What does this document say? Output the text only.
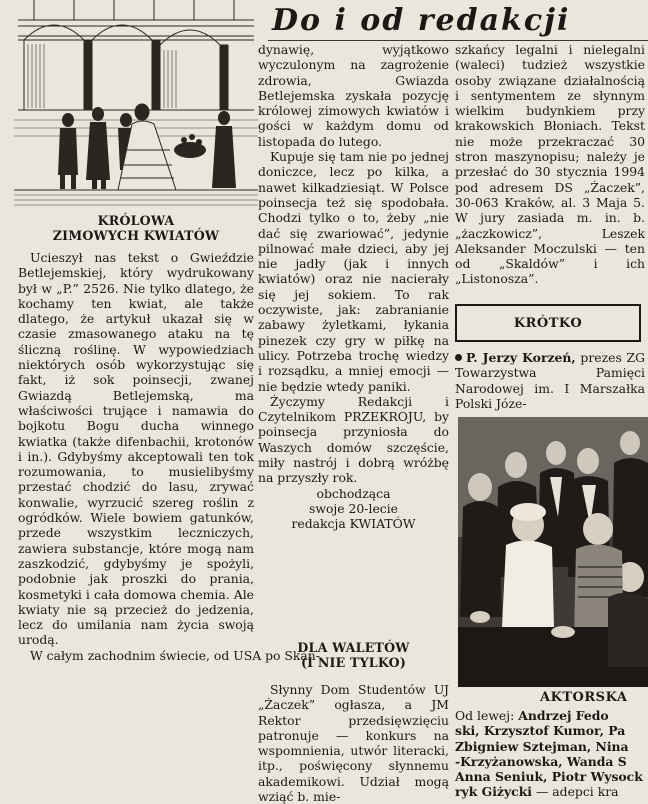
Do i od redakcji
KRÓLOWA
ZIMOWYCH KWIATÓW

Ucieszył nas tekst o Gwieździe Betlejemskiej, który wydrukowany był w „P.” 2526. Nie tylko dlatego, że kochamy ten kwiat, ale także dlatego, że artykuł ukazał się w czasie zmasowanego ataku na tę śliczną roślinę. W wypowiedziach niektórych osób wykorzystując się fakt, iż sok poinsecji, zwanej Gwiazdą Betlejemską, ma właściwości trujące i namawia do bojkotu Bogu ducha winnego kwiatka (także difenbachii, krotonów i in.). Gdybyśmy akceptowali ten tok rozumowania, to musielibyśmy przestać chodzić do lasu, zrywać konwalie, wyrzucić szereg roślin z ogródków. Wiele bowiem gatunków, przede wszystkim leczniczych, zawiera substancje, które mogą nam zaszkodzić, gdybyśmy je spożyli, podobnie jak proszki do prania, kosmetyki i cała domowa chemia. Ale kwiaty nie są przecież do jedzenia, lecz do umilania nam życia swoją urodą.

W całym zachodnim świecie, od USA po Skan-

dynawię, wyjątkowo wyczulonym na zagrożenie zdrowia, Gwiazda Betlejemska zyskała pozycję królowej zimowych kwiatów i gości w każdym domu od listopada do lutego.

Kupuje się tam nie po jednej doniczce, lecz po kilka, a nawet kilkadziesiąt. W Polsce poinsecja też się spodobała. Chodzi tylko o to, żeby „nie dać się zwariować”, jedynie pilnować małe dzieci, aby jej nie jadły (jak i innych kwiatów) oraz nie nacierały się jej sokiem. To rak oczywiste, jak: zabranianie zabawy żyletkami, łykania pinezek czy gry w piłkę na ulicy. Potrzeba trochę wiedzy i rozsądku, a mniej emocji — nie będzie wtedy paniki.

Życzymy Redakcji i Czytelnikom PRZEKROJU, by poinsecja przyniosła do Waszych domów szczęście, miły nastrój i dobrą wróżbę na przyszły rok.

obchodząca

swoje 20-lecie

redakcja KWIATÓW

DLA WALETÓW
(I NIE TYLKO)

Słynny Dom Studentów UJ „Żaczek” ogłasza, a JM Rektor przedsięwzięciu patronuje — konkurs na wspomnienia, utwór literacki, itp., poświęcony słynnemu akademikowi. Udział mogą wziąć b. mie-

szkańcy legalni i nielegalni (waleci) tudzież wszystkie osoby związane działalnością i sentymentem ze słynnym wielkim budynkiem przy krakowskich Błoniach. Tekst nie może przekraczać 30 stron maszynopisu; należy je przesłać do 30 stycznia 1994 pod adresem DS „Żaczek”, 30-063 Kraków, al. 3 Maja 5. W jury zasiada m. in. b. „żaczkowicz”, Leszek Aleksander Moczulski — ten od „Skaldów” i ich „Listonosza”.

KRÓTKO

P. Jerzy Korzeń, prezes ZG Towarzystwa Pamięci Narodowej im. I Marszałka Polski Józe-

AKTORSKA

Od lewej: Andrzej Fedo

ski, Krzysztof Kumor, Pa

Zbigniew Sztejman, Nina

-Krzyżanowska, Wanda S

Anna Seniuk, Piotr Wysock

ryk Giżycki — adepci kra
